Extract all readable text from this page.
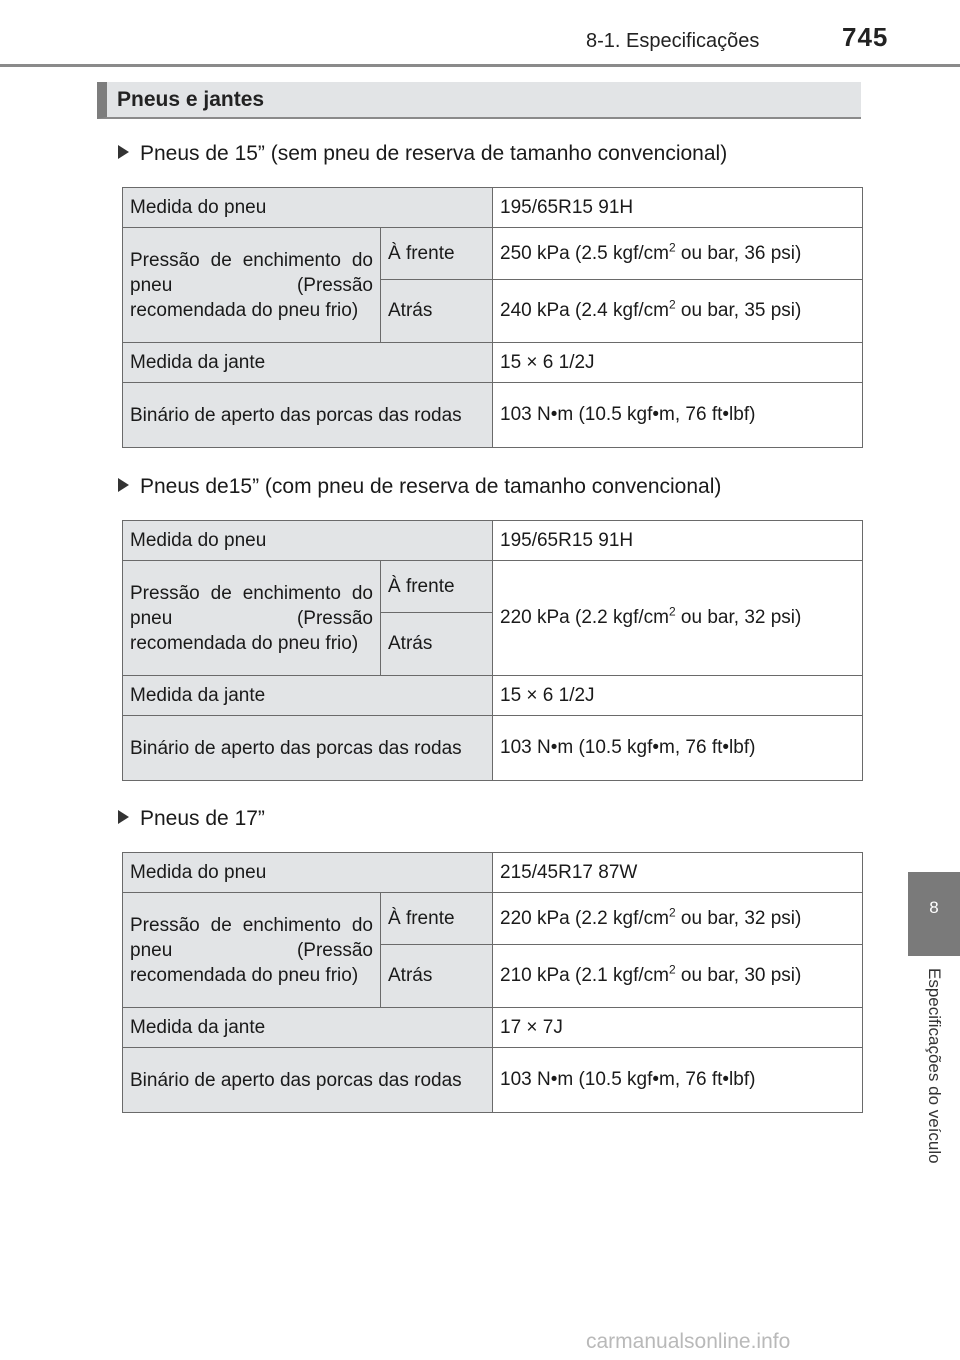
8-1. Especificações	745
8
Especificações do veículo
Pneus e jantes
Pneus de 15” (sem pneu de reserva de tamanho convencional)
Medida do pneu		195/65R15 91H
Pressão de enchimento do pneu (Pressão recomendada do pneu frio)	À frente	250 kPa (2.5 kgf/$cm^2$ ou bar, 36 psi)
	Atrás	240 kPa (2.4 kgf/$cm^2$ ou bar, 35 psi)
Medida da jante		15 × 6 1/2J
Binário de aperto das porcas das rodas		103 N•m (10.5 kgf•m, 76 ft•lbf)
Pneus de15” (com pneu de reserva de tamanho convencional)
Medida do pneu		195/65R15 91H
Pressão de enchimento do pneu (Pressão recomendada do pneu frio)	À frente	220 kPa (2.2 kgf/$cm^2$ ou bar, 32 psi)
	Atrás	
Medida da jante		15 × 6 1/2J
Binário de aperto das porcas das rodas		103 N•m (10.5 kgf•m, 76 ft•lbf)
Pneus de 17”
Medida do pneu		215/45R17 87W
Pressão de enchimento do pneu (Pressão recomendada do pneu frio)	À frente	220 kPa (2.2 kgf/$cm^2$ ou bar, 32 psi)
	Atrás	210 kPa (2.1 kgf/$cm^2$ ou bar, 30 psi)
Medida da jante		17 × 7J
Binário de aperto das porcas das rodas		103 N•m (10.5 kgf•m, 76 ft•lbf)
carmanualsonline.info
